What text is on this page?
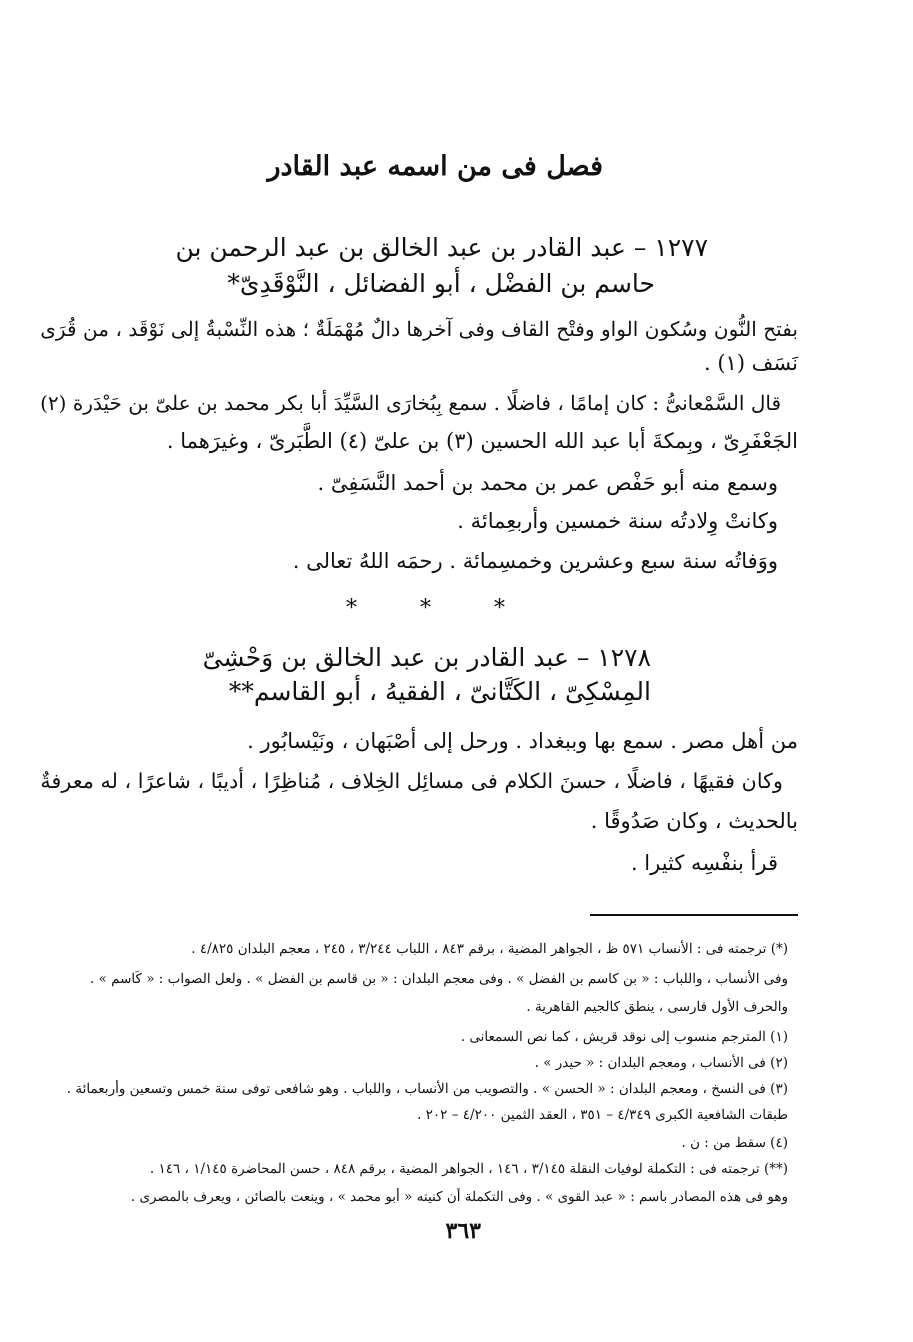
فصل فى من اسمه عبد القادر
١٢٧٧ – عبد القادر بن عبد الخالق بن عبد الرحمن بن
حاسم بن الفضْل ، أبو الفضائل ، النَّوْقَدِىّ*
بفتح النُّون وسُكون الواو وفتْح القاف وفى آخرها دالٌ مُهْمَلَةٌ ؛ هذه النِّسْبةُ إلى نَوْقَد ، من قُرَى
نَسَف (١) .
قال السَّمْعانىُّ : كان إمامًا ، فاضلًا . سمع بِبُخارَى السَّيِّدَ أبا بكر محمد بن علىّ بن حَيْدَرة (٢)
الجَعْفَرِىّ ، وبِمكةَ أبا عبد الله الحسين (٣) بن علىّ (٤) الطَّبَرىّ ، وغيرَهما .
وسمع منه أبو حَفْص عمر بن محمد بن أحمد النَّسَفِىّ .
وكانتْ وِلادتُه سنة خمسين وأربعِمائة .
ووَفاتُه سنة سبع وعشرين وخمسِمائة . رحمَه اللهُ تعالى .
* * *
١٢٧٨ – عبد القادر بن عبد الخالق بن وَحْشِىّ
المِسْكِىّ ، الكَتَّانىّ ، الفقيهُ ، أبو القاسم**
من أهل مصر . سمع بها وببغداد . ورحل إلى أصْبَهان ، ونَيْسابُور .
وكان فقيهًا ، فاضلًا ، حسنَ الكلام فى مسائِل الخِلاف ، مُناظِرًا ، أديبًا ، شاعرًا ، له معرفةٌ
بالحديث ، وكان صَدُوقًا .
قرأ بنفْسِه كثيرا .
(*) ترجمته فى : الأنساب ٥٧١ ظ ، الجواهر المضية ، برقم ٨٤٣ ، اللباب ٣/٢٤٤ ، ٢٤٥ ، معجم البلدان ٤/٨٢٥ .
وفى الأنساب ، واللباب : « بن كاسم بن الفضل » . وفى معجم البلدان : « بن قاسم بن الفضل » . ولعل الصواب : « كَاسم » .
والحرف الأول فارسى ، ينطق كالجيم القاهرية .
(١) المترجم منسوب إلى نوقد قريش ، كما نص السمعانى .
(٢) فى الأنساب ، ومعجم البلدان : « حيدر » .
(٣) فى النسخ ، ومعجم البلدان : « الحسن » . والتصويب من الأنساب ، واللباب . وهو شافعى توفى سنة خمس وتسعين وأربعمائة .
طبقات الشافعية الكبرى ٤/٣٤٩ – ٣٥١ ، العقد الثمين ٤/٢٠٠ – ٢٠٢ .
(٤) سقط من : ن .
(**) ترجمته فى : التكملة لوفيات النقلة ٣/١٤٥ ، ١٤٦ ، الجواهر المضية ، برقم ٨٤٨ ، حسن المحاضرة ١/١٤٥ ، ١٤٦ .
وهو فى هذه المصادر باسم : « عبد القوى » . وفى التكملة أن كنيته « أبو محمد » ، وينعت بالصائن ، ويعرف بالمصرى .
٣٦٣
